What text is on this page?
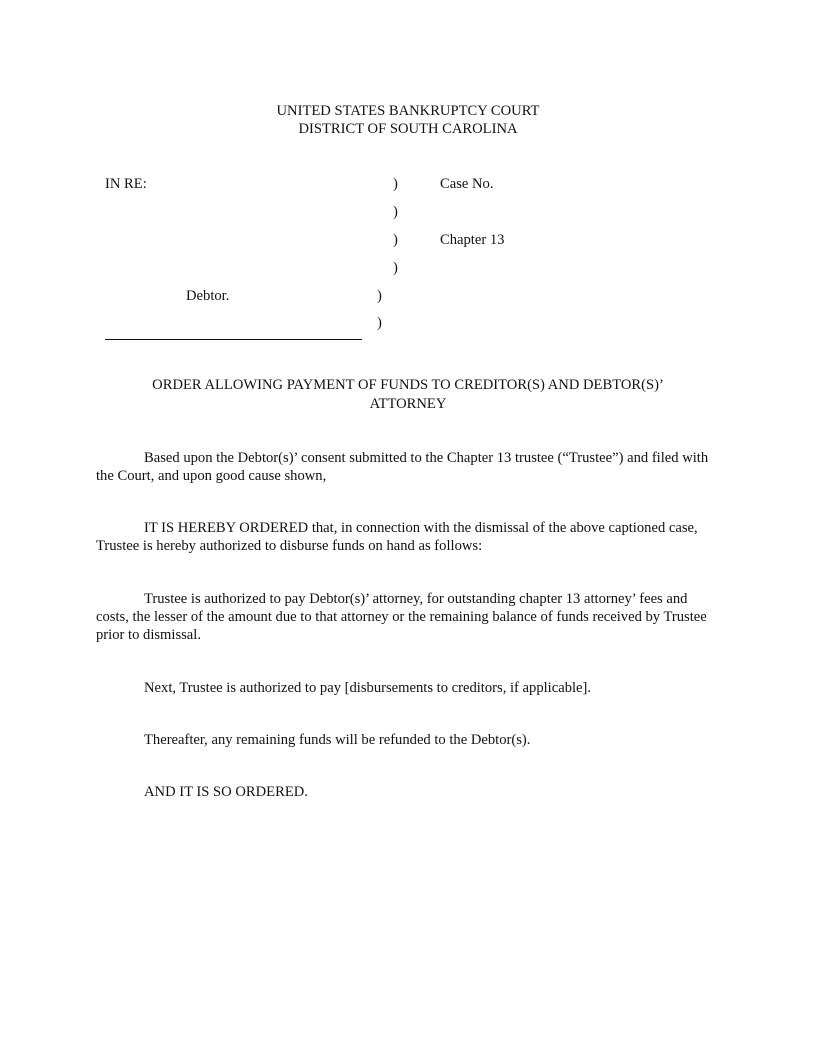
UNITED STATES BANKRUPTCY COURT
DISTRICT OF SOUTH CAROLINA
IN RE:	)	Case No.
)
)	Chapter 13
)
Debtor.	)
)
ORDER ALLOWING PAYMENT OF FUNDS TO CREDITOR(S) AND DEBTOR(S)’
ATTORNEY
Based upon the Debtor(s)’ consent submitted to the Chapter 13 trustee (“Trustee”) and filed with the Court, and upon good cause shown,
IT IS HEREBY ORDERED that, in connection with the dismissal of the above captioned case, Trustee is hereby authorized to disburse funds on hand as follows:
Trustee is authorized to pay Debtor(s)’ attorney, for outstanding chapter 13 attorney’ fees and costs, the lesser of the amount due to that attorney or the remaining balance of funds received by Trustee prior to dismissal.
Next, Trustee is authorized to pay [disbursements to creditors, if applicable].
Thereafter, any remaining funds will be refunded to the Debtor(s).
AND IT IS SO ORDERED.
